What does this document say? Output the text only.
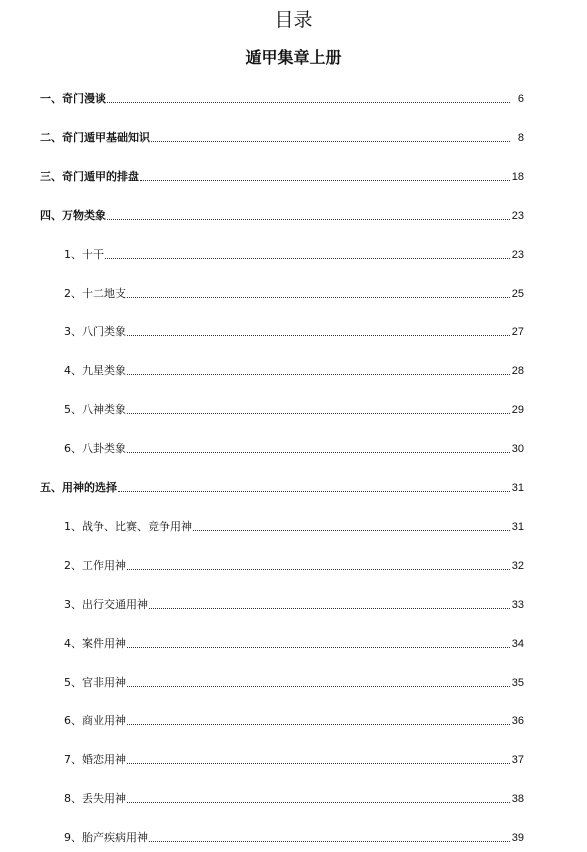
目录
遁甲集章上册
一、奇门漫谈	6
二、奇门遁甲基础知识	8
三、奇门遁甲的排盘	18
四、万物类象	23
1、十干	23
2、十二地支	25
3、八门类象	27
4、九星类象	28
5、八神类象	29
6、八卦类象	30
五、用神的选择	31
1、战争、比赛、竞争用神	31
2、工作用神	32
3、出行交通用神	33
4、案件用神	34
5、官非用神	35
6、商业用神	36
7、婚恋用神	37
8、丢失用神	38
9、胎产疾病用神	39
